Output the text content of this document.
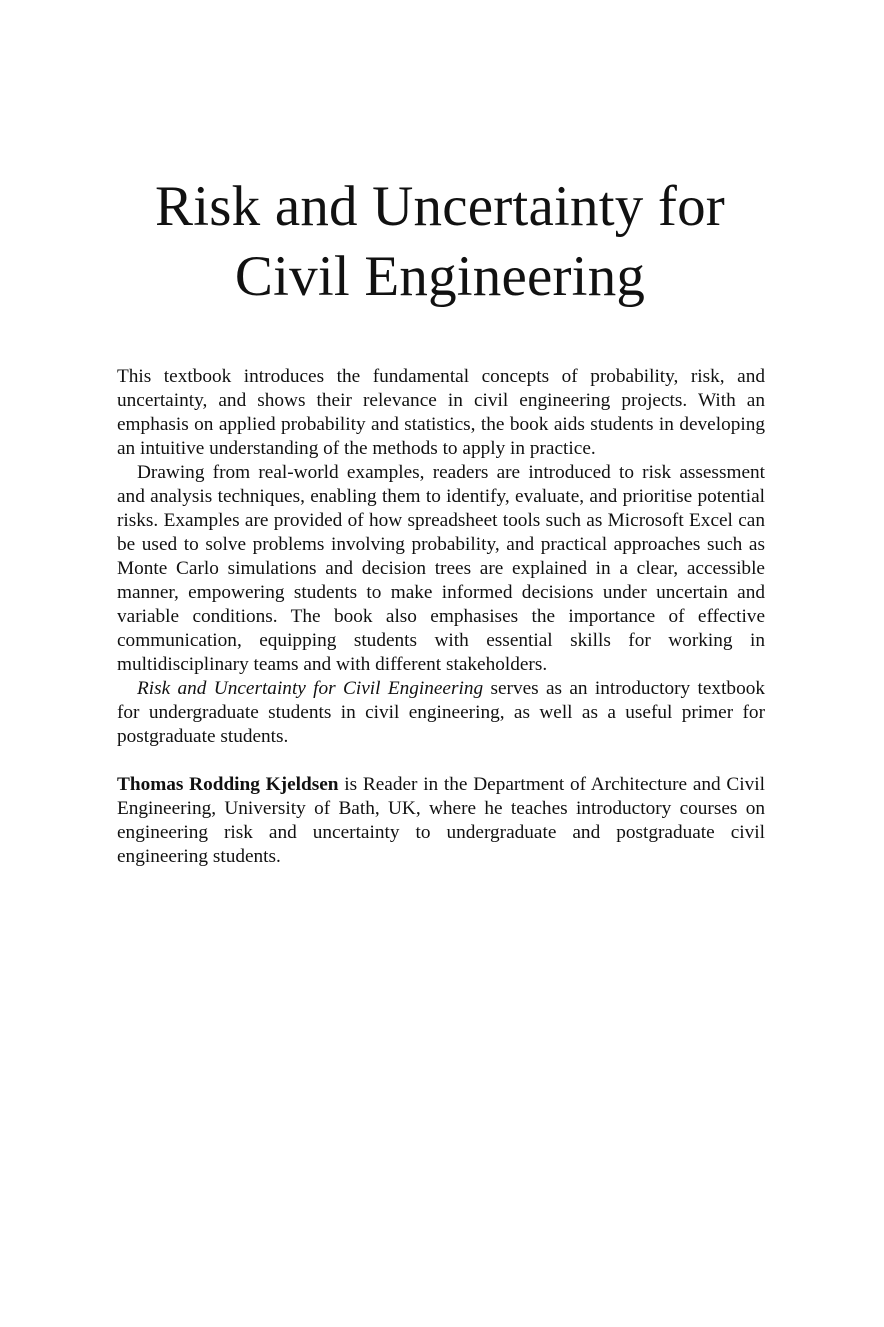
Risk and Uncertainty for
Civil Engineering

This textbook introduces the fundamental concepts of probability, risk, and uncertainty, and shows their relevance in civil engineering projects. With an emphasis on applied probability and statistics, the book aids students in developing an intuitive understanding of the methods to apply in practice.

Drawing from real-world examples, readers are introduced to risk assessment and analysis techniques, enabling them to identify, evaluate, and prioritise potential risks. Examples are provided of how spreadsheet tools such as Microsoft Excel can be used to solve problems involving probability, and practical approaches such as Monte Carlo simulations and decision trees are explained in a clear, accessible manner, empowering students to make informed decisions under uncertain and variable conditions. The book also emphasises the importance of effective communication, equipping students with essential skills for working in multidisciplinary teams and with different stakeholders.

Risk and Uncertainty for Civil Engineering serves as an introductory textbook for undergraduate students in civil engineering, as well as a useful primer for postgraduate students.

Thomas Rodding Kjeldsen is Reader in the Department of Architecture and Civil Engineering, University of Bath, UK, where he teaches introductory courses on engineering risk and uncertainty to undergraduate and postgraduate civil engineering students.
